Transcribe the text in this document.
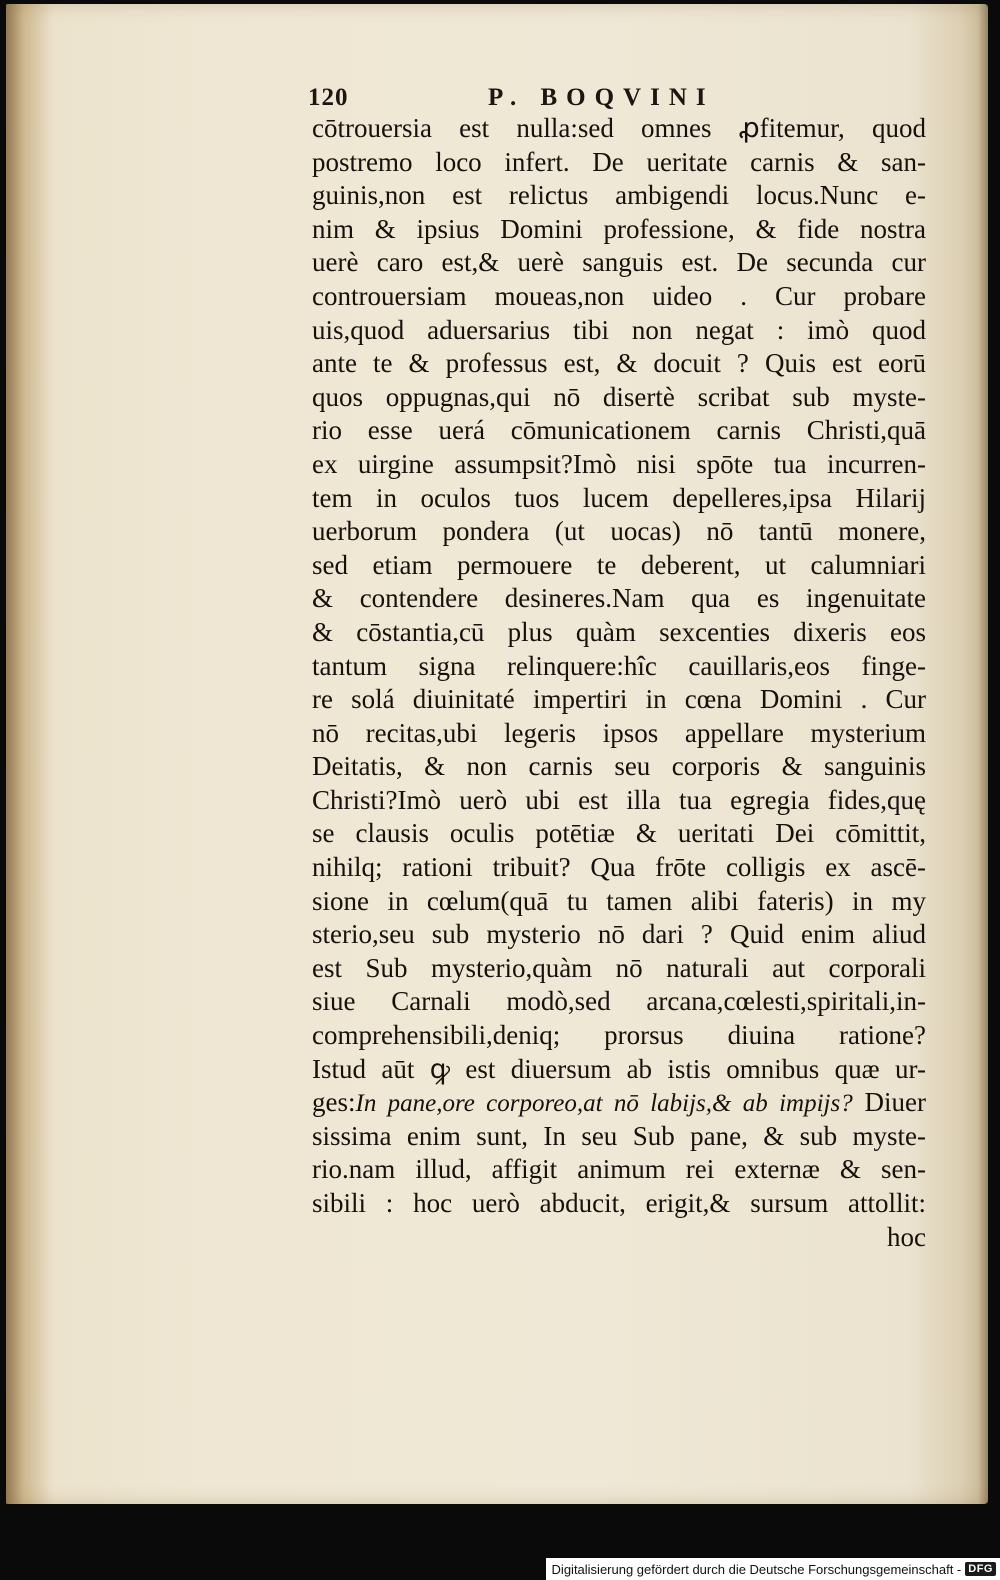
120	P. BOQVINI
cōtrouersia est nulla:sed omnes ꝓfitemur, quod
postremo loco infert. De ueritate carnis & san-
guinis,non est relictus ambigendi locus.Nunc e-
nim & ipsius Domini professione, & fide nostra
uerè caro est,& uerè sanguis est. De secunda cur
controuersiam moueas,non uideo . Cur probare
uis,quod aduersarius tibi non negat : imò quod
ante te & professus est, & docuit ? Quis est eorū
quos oppugnas,qui nō disertè scribat sub myste-
rio esse uerá cōmunicationem carnis Christi,quā
ex uirgine assumpsit?Imò nisi spōte tua incurren-
tem in oculos tuos lucem depelleres,ipsa Hilarij
uerborum pondera (ut uocas) nō tantū monere,
sed etiam permouere te deberent, ut calumniari
& contendere desineres.Nam qua es ingenuitate
& cōstantia,cū plus quàm sexcenties dixeris eos
tantum signa relinquere:hîc cauillaris,eos finge-
re solá diuinitaté impertiri in cœna Domini . Cur
nō recitas,ubi legeris ipsos appellare mysterium
Deitatis, & non carnis seu corporis & sanguinis
Christi?Imò uerò ubi est illa tua egregia fides,quę
se clausis oculis potētiæ & ueritati Dei cōmittit,
nihilq; rationi tribuit? Qua frōte colligis ex ascē-
sione in cœlum(quā tu tamen alibi fateris) in my
sterio,seu sub mysterio nō dari ? Quid enim aliud
est Sub mysterio,quàm nō naturali aut corporali
siue Carnali modò,sed arcana,cœlesti,spiritali,in-
comprehensibili,deniq; prorsus diuina ratione?
Istud aūt ꝙ est diuersum ab istis omnibus quæ ur-
ges:In pane,ore corporeo,at nō labijs,& ab impijs? Diuer
sissima enim sunt, In seu Sub pane, & sub myste-
rio.nam illud, affigit animum rei externæ & sen-
sibili : hoc uerò abducit, erigit,& sursum attollit:
hoc
Digitalisierung gefördert durch die Deutsche Forschungsgemeinschaft - DFG
